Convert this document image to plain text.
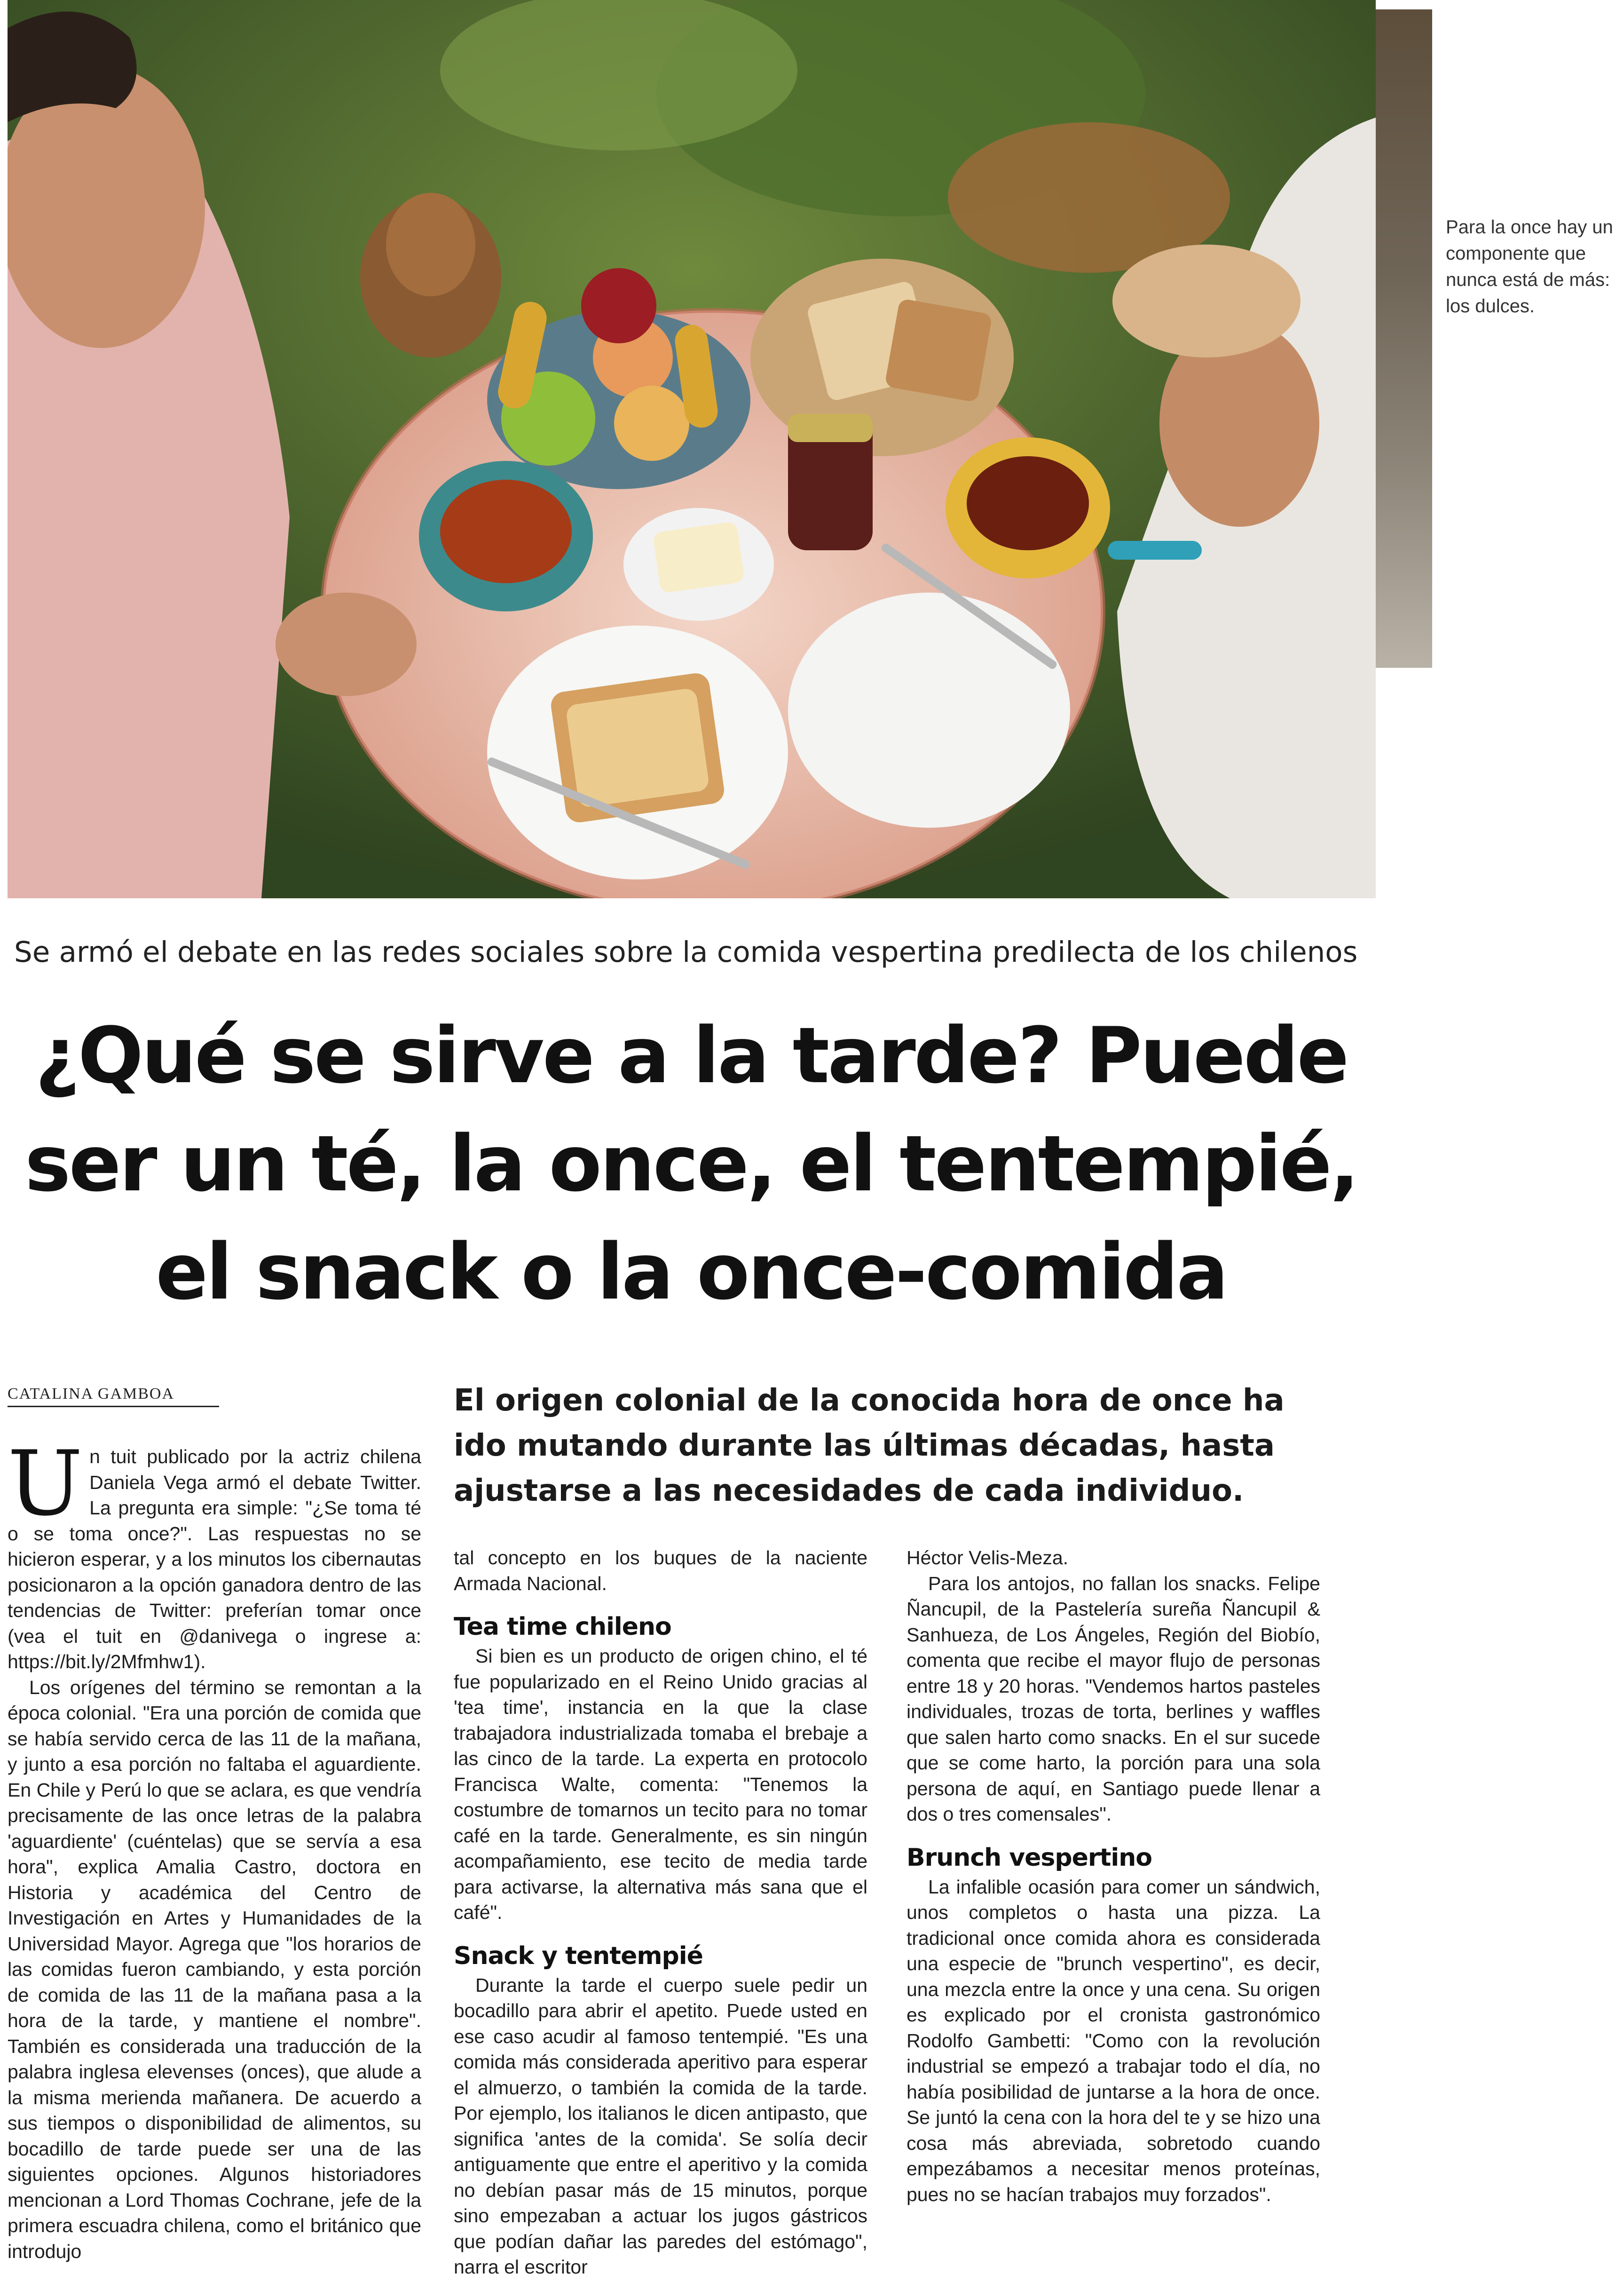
Para la once hay un componente que nunca está de más: los dulces.
Se armó el debate en las redes sociales sobre la comida vespertina predilecta de los chilenos
¿Qué se sirve a la tarde? Puede
ser un té, la once, el tentempié,
el snack o la once-comida
CATALINA GAMBOA	El origen colonial de la conocida hora de once ha ido mutando durante las últimas décadas, hasta ajustarse a las necesidades de cada individuo.

Un tuit publicado por la actriz chilena Daniela Vega armó el debate Twitter. La pregunta era simple: "¿Se toma té o se toma once?". Las respuestas no se hicieron esperar, y a los minutos los cibernautas posicionaron a la opción ganadora dentro de las tendencias de Twitter: preferían tomar once (vea el tuit en @danivega o ingrese a: https://bit.ly/2Mfmhw1).

Los orígenes del término se remontan a la época colonial. "Era una porción de comida que se había servido cerca de las 11 de la mañana, y junto a esa porción no faltaba el aguardiente. En Chile y Perú lo que se aclara, es que vendría precisamente de las once letras de la palabra 'aguardiente' (cuéntelas) que se servía a esa hora", explica Amalia Castro, doctora en Historia y académica del Centro de Investigación en Artes y Humanidades de la Universidad Mayor. Agrega que "los horarios de las comidas fueron cambiando, y esta porción de comida de las 11 de la mañana pasa a la hora de la tarde, y mantiene el nombre". También es considerada una traducción de la palabra inglesa elevenses (onces), que alude a la misma merienda mañanera. De acuerdo a sus tiempos o disponibilidad de alimentos, su bocadillo de tarde puede ser una de las siguientes opciones. Algunos historiadores mencionan a Lord Thomas Cochrane, jefe de la primera escuadra chilena, como el británico que introdujo

tal concepto en los buques de la naciente Armada Nacional.

Tea time chileno

Si bien es un producto de origen chino, el té fue popularizado en el Reino Unido gracias al 'tea time', instancia en la que la clase trabajadora industrializada tomaba el brebaje a las cinco de la tarde. La experta en protocolo Francisca Walte, comenta: "Tenemos la costumbre de tomarnos un tecito para no tomar café en la tarde. Generalmente, es sin ningún acompañamiento, ese tecito de media tarde para activarse, la alternativa más sana que el café".

Snack y tentempié

Durante la tarde el cuerpo suele pedir un bocadillo para abrir el apetito. Puede usted en ese caso acudir al famoso tentempié. "Es una comida más considerada aperitivo para esperar el almuerzo, o también la comida de la tarde. Por ejemplo, los italianos le dicen antipasto, que significa 'antes de la comida'. Se solía decir antiguamente que entre el aperitivo y la comida no debían pasar más de 15 minutos, porque sino empezaban a actuar los jugos gástricos que podían dañar las paredes del estómago", narra el escritor

Héctor Velis-Meza.

Para los antojos, no fallan los snacks. Felipe Ñancupil, de la Pastelería sureña Ñancupil & Sanhueza, de Los Ángeles, Región del Biobío, comenta que recibe el mayor flujo de personas entre 18 y 20 horas. "Vendemos hartos pasteles individuales, trozas de torta, berlines y waffles que salen harto como snacks. En el sur sucede que se come harto, la porción para una sola persona de aquí, en Santiago puede llenar a dos o tres comensales".

Brunch vespertino

La infalible ocasión para comer un sándwich, unos completos o hasta una pizza. La tradicional once comida ahora es considerada una especie de "brunch vespertino", es decir, una mezcla entre la once y una cena. Su origen es explicado por el cronista gastronómico Rodolfo Gambetti: "Como con la revolución industrial se empezó a trabajar todo el día, no había posibilidad de juntarse a la hora de once. Se juntó la cena con la hora del te y se hizo una cosa más abreviada, sobretodo cuando empezábamos a necesitar menos proteínas, pues no se hacían trabajos muy forzados".
